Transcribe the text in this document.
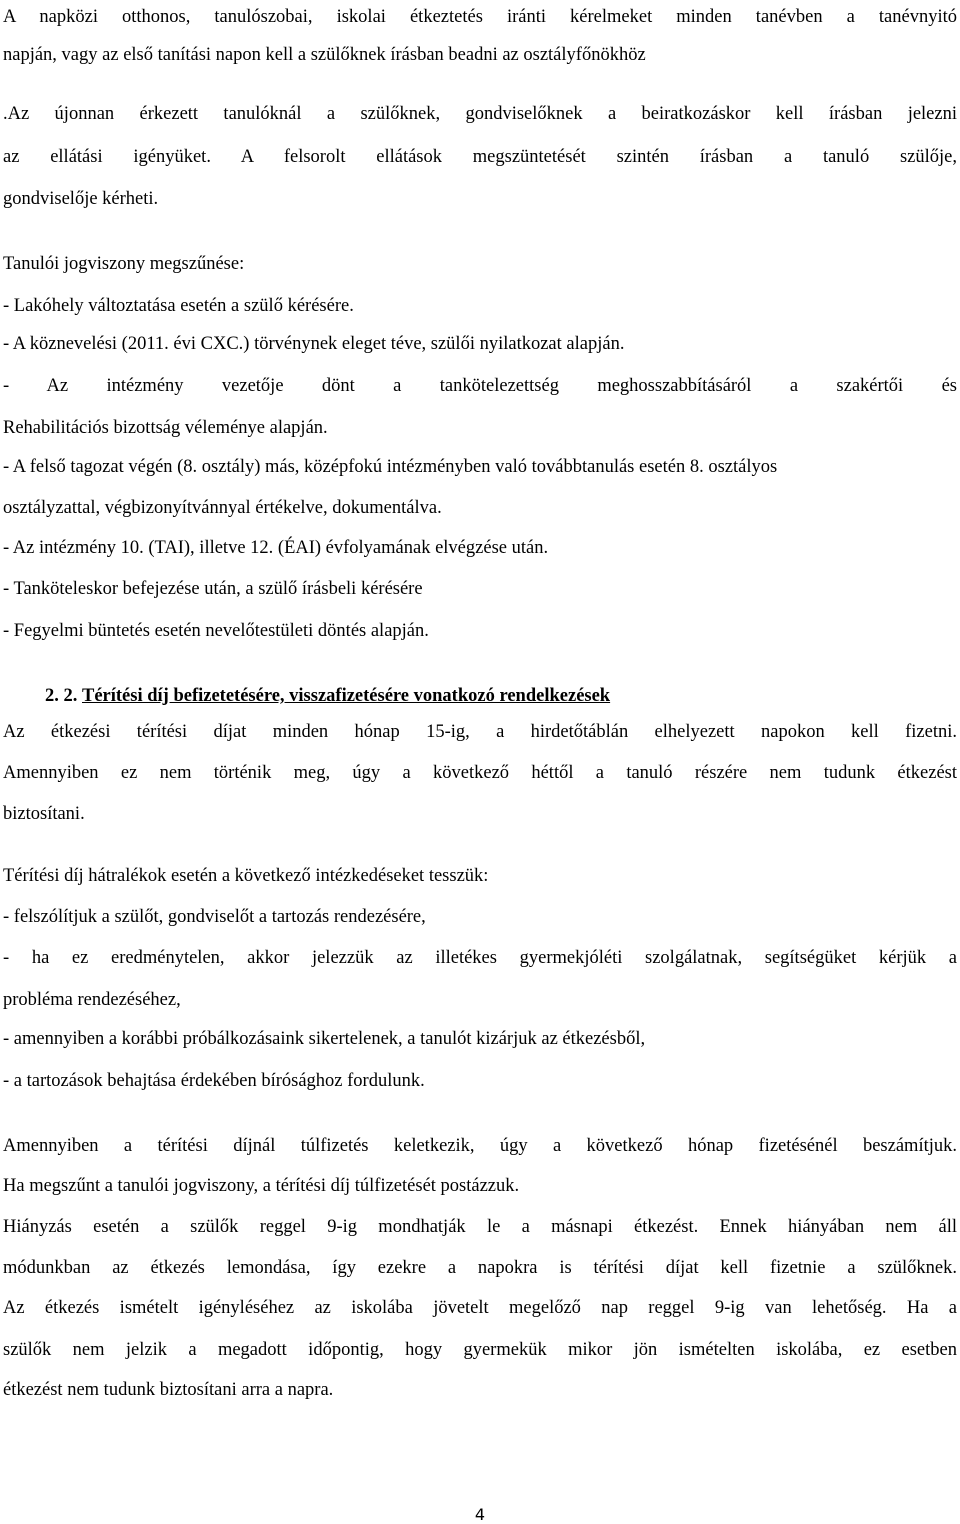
A napközi otthonos, tanulószobai, iskolai étkeztetés iránti kérelmeket minden tanévben a tanévnyitó
napján, vagy az első tanítási napon kell a szülőknek írásban beadni az osztályfőnökhöz
.Az újonnan érkezett tanulóknál a szülőknek, gondviselőknek a beiratkozáskor kell írásban jelezni
az ellátási igényüket. A felsorolt ellátások megszüntetését szintén írásban a tanuló szülője,
gondviselője kérheti.
Tanulói jogviszony megszűnése:
- Lakóhely változtatása esetén a szülő kérésére.
- A köznevelési (2011. évi CXC.) törvénynek eleget téve, szülői nyilatkozat alapján.
- Az intézmény vezetője dönt a tankötelezettség meghosszabbításáról a szakértői és
Rehabilitációs bizottság véleménye alapján.
- A felső tagozat végén (8. osztály) más, középfokú intézményben való továbbtanulás esetén 8. osztályos
osztályzattal, végbizonyítvánnyal értékelve, dokumentálva.
- Az intézmény 10. (TAI), illetve 12. (ÉAI) évfolyamának elvégzése után.
- Tanköteleskor befejezése után, a szülő írásbeli kérésére
- Fegyelmi büntetés esetén nevelőtestületi döntés alapján.
2. 2. Térítési díj befizetetésére, visszafizetésére vonatkozó rendelkezések
Az étkezési térítési díjat minden hónap 15-ig, a hirdetőtáblán elhelyezett napokon kell fizetni.
Amennyiben ez nem történik meg, úgy a következő héttől a tanuló részére nem tudunk étkezést
biztosítani.
Térítési díj hátralékok esetén a következő intézkedéseket tesszük:
- felszólítjuk a szülőt, gondviselőt a tartozás rendezésére,
- ha ez eredménytelen, akkor jelezzük az illetékes gyermekjóléti szolgálatnak, segítségüket kérjük a
probléma rendezéséhez,
- amennyiben a korábbi próbálkozásaink sikertelenek, a tanulót kizárjuk az étkezésből,
- a tartozások behajtása érdekében bírósághoz fordulunk.
Amennyiben a térítési díjnál túlfizetés keletkezik, úgy a következő hónap fizetésénél beszámítjuk.
Ha megszűnt a tanulói jogviszony, a térítési díj túlfizetését postázzuk.
Hiányzás esetén a szülők reggel 9-ig mondhatják le a másnapi étkezést. Ennek hiányában nem áll
módunkban az étkezés lemondása, így ezekre a napokra is térítési díjat kell fizetnie a szülőknek.
Az étkezés ismételt igényléséhez az iskolába jövetelt megelőző nap reggel 9-ig van lehetőség. Ha a
szülők nem jelzik a megadott időpontig, hogy gyermekük mikor jön ismételten iskolába, ez esetben
étkezést nem tudunk biztosítani arra a napra.
4
